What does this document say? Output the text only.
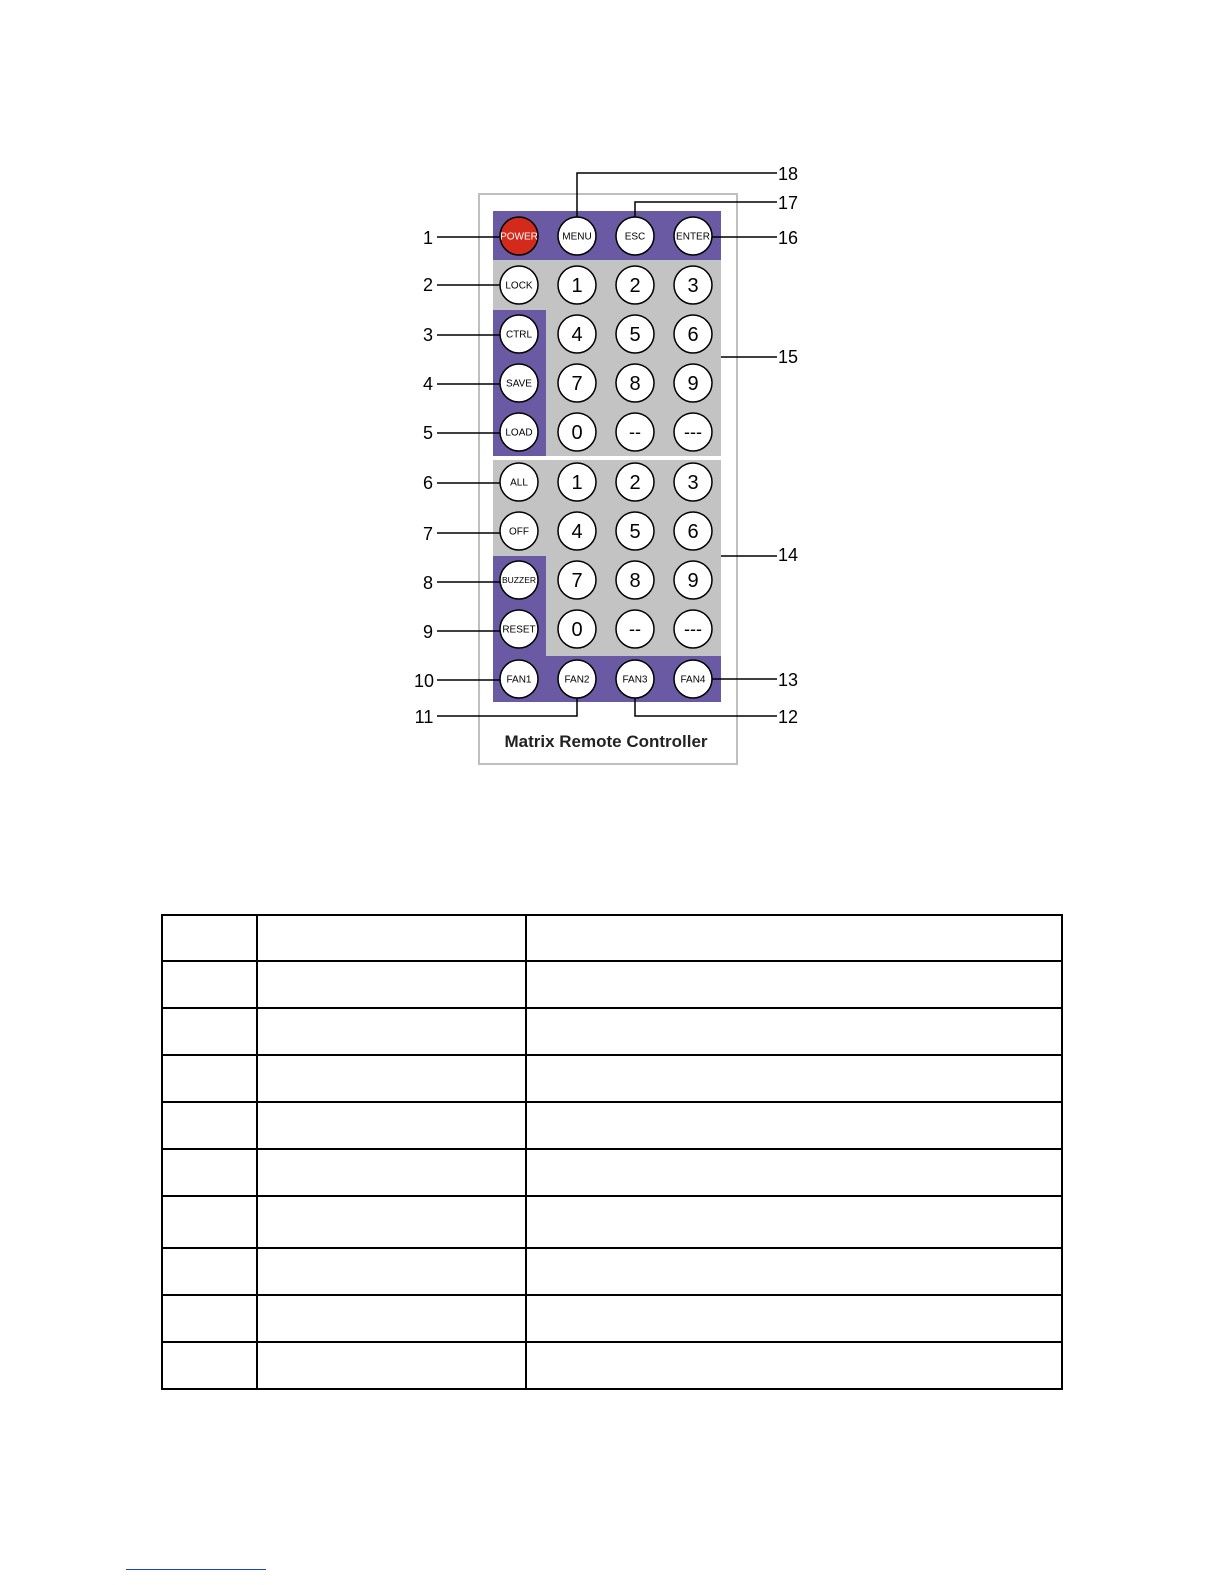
POWER MENU	ESC	ENTER
LOCK
CTRL
SAVE
LOAD
ALL
OFF
BUZZER
RESET
FAN1	FAN2	FAN3	FAN4
1 2 3
4 5 6
7 8 9
0	-- ---
1 2 3
4 5 6
7 8 9
0	-- ---
Matrix Remote Controller
1
2
3
4
5
6
7
8
9
10
11	12
13
14
15
16
17
18
